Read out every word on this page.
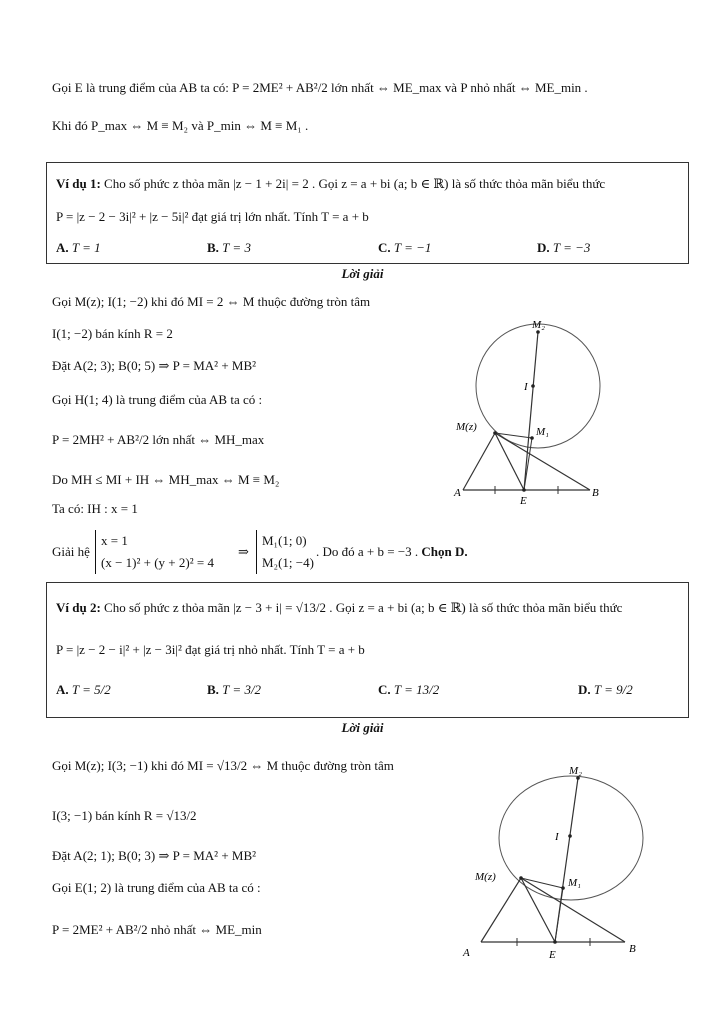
Gọi E là trung điểm của AB ta có: P = 2ME² + AB²/2 lớn nhất ⇔ ME_max và P nhỏ nhất ⇔ ME_min .
Khi đó P_max ⇔ M ≡ M₂ và P_min ⇔ M ≡ M₁ .
Ví dụ 1: Cho số phức z thỏa mãn |z − 1 + 2i| = 2 . Gọi z = a + bi (a; b ∈ ℝ) là số thức thỏa mãn biểu thức
P = |z − 2 − 3i|² + |z − 5i|² đạt giá trị lớn nhất. Tính T = a + b
A. T = 1	B. T = 3	C. T = −1	D. T = −3
Lời giải
Gọi M(z); I(1; −2) khi đó MI = 2 ⇔ M thuộc đường tròn tâm
I(1; −2) bán kính R = 2
Đặt A(2; 3); B(0; 5) ⇒ P = MA² + MB²
Gọi H(1; 4) là trung điểm của AB ta có :
P = 2MH² + AB²/2 lớn nhất ⇔ MH_max
Do MH ≤ MI + IH ⇔ MH_max ⇔ M ≡ M₂
Ta có: IH : x = 1
Giải hệ
x = 1
(x − 1)² + (y + 2)² = 4
⇒
M₁(1; 0)
M₂(1; −4)
. Do đó a + b = −3 . Chọn D.
M₂
I
M(z)	M₁
A
E
B
Ví dụ 2: Cho số phức z thỏa mãn |z − 3 + i| = √13/2 . Gọi z = a + bi (a; b ∈ ℝ) là số thức thỏa mãn biểu thức
P = |z − 2 − i|² + |z − 3i|² đạt giá trị nhỏ nhất. Tính T = a + b
A. T = 5/2	B. T = 3/2	C. T = 13/2	D. T = 9/2
Lời giải
Gọi M(z); I(3; −1) khi đó MI = √13/2 ⇔ M thuộc đường tròn tâm
I(3; −1) bán kính R = √13/2
Đặt A(2; 1); B(0; 3) ⇒ P = MA² + MB²
Gọi E(1; 2) là trung điểm của AB ta có :
P = 2ME² + AB²/2 nhỏ nhất ⇔ ME_min
M₂
I
M(z)	M₁
A	E	B
